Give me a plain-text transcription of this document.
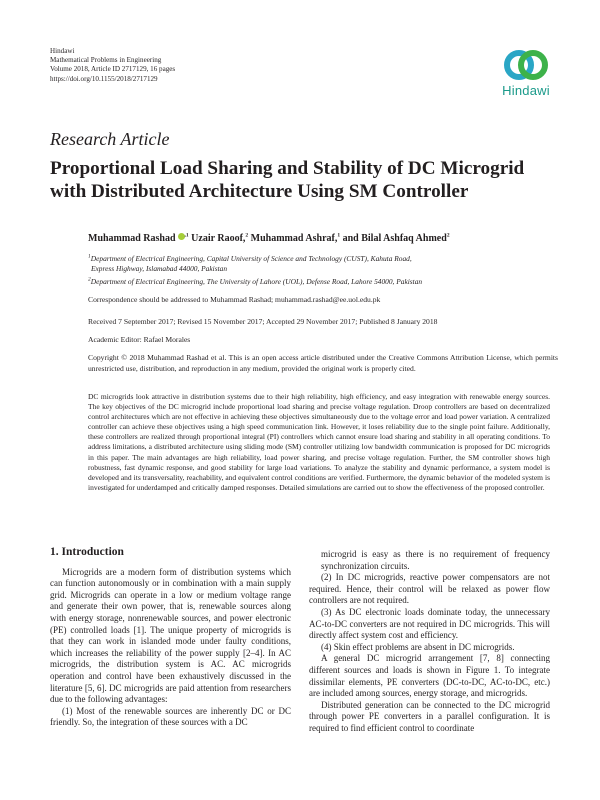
Hindawi
Mathematical Problems in Engineering
Volume 2018, Article ID 2717129, 16 pages
https://doi.org/10.1155/2018/2717129
Hindawi
Research Article
Proportional Load Sharing and Stability of DC Microgrid with Distributed Architecture Using SM Controller
Muhammad Rashad $^{,1}$ Uzair Raoof,$^2$ Muhammad Ashraf,$^1$ and Bilal Ashfaq Ahmed$^2$
$^1$Department of Electrical Engineering, Capital University of Science and Technology (CUST), Kahuta Road,
Express Highway, Islamabad 44000, Pakistan
$^2$Department of Electrical Engineering, The University of Lahore (UOL), Defense Road, Lahore 54000, Pakistan
Correspondence should be addressed to Muhammad Rashad; muhammad.rashad@ee.uol.edu.pk
Received 7 September 2017; Revised 15 November 2017; Accepted 29 November 2017; Published 8 January 2018
Academic Editor: Rafael Morales
Copyright © 2018 Muhammad Rashad et al. This is an open access article distributed under the Creative Commons Attribution License, which permits unrestricted use, distribution, and reproduction in any medium, provided the original work is properly cited.
DC microgrids look attractive in distribution systems due to their high reliability, high efficiency, and easy integration with renewable energy sources. The key objectives of the DC microgrid include proportional load sharing and precise voltage regulation. Droop controllers are based on decentralized control architectures which are not effective in achieving these objectives simultaneously due to the voltage error and load power variation. A centralized controller can achieve these objectives using a high speed communication link. However, it loses reliability due to the single point failure. Additionally, these controllers are realized through proportional integral (PI) controllers which cannot ensure load sharing and stability in all operating conditions. To address limitations, a distributed architecture using sliding mode (SM) controller utilizing low bandwidth communication is proposed for DC microgrids in this paper. The main advantages are high reliability, load power sharing, and precise voltage regulation. Further, the SM controller shows high robustness, fast dynamic response, and good stability for large load variations. To analyze the stability and dynamic performance, a system model is developed and its transversality, reachability, and equivalent control conditions are verified. Furthermore, the dynamic behavior of the modeled system is investigated for underdamped and critically damped responses. Detailed simulations are carried out to show the effectiveness of the proposed controller.

1. Introduction

Microgrids are a modern form of distribution systems which can function autonomously or in combination with a main supply grid. Microgrids can operate in a low or medium voltage range and generate their own power, that is, renewable sources along with energy storage, nonrenewable sources, and power electronic (PE) controlled loads [1]. The unique property of microgrids is that they can work in islanded mode under faulty conditions, which increases the reliability of the power supply [2–4]. In AC microgrids, the distribution system is AC. AC microgrids operation and control have been exhaustively discussed in the literature [5, 6]. DC microgrids are paid attention from researchers due to the following advantages:

(1) Most of the renewable sources are inherently DC or DC friendly. So, the integration of these sources with a DC

microgrid is easy as there is no requirement of frequency synchronization circuits.

(2) In DC microgrids, reactive power compensators are not required. Hence, their control will be relaxed as power flow controllers are not required.

(3) As DC electronic loads dominate today, the unnecessary AC-to-DC converters are not required in DC microgrids. This will directly affect system cost and efficiency.

(4) Skin effect problems are absent in DC microgrids.

A general DC microgrid arrangement [7, 8] connecting different sources and loads is shown in Figure 1. To integrate dissimilar elements, PE converters (DC-to-DC, AC-to-DC, etc.) are included among sources, energy storage, and microgrids.

Distributed generation can be connected to the DC microgrid through power PE converters in a parallel configuration. It is required to find efficient control to coordinate
